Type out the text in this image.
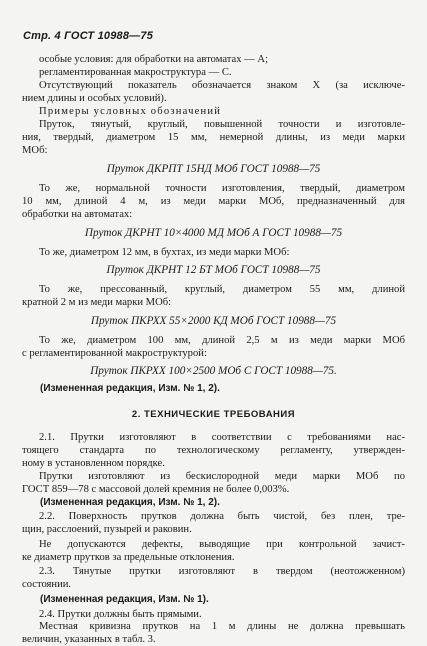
Стр. 4 ГОСТ 10988—75
особые условия: для обработки на автоматах — А;
регламентированная макроструктура — С.
Отсутствующий показатель обозначается знаком X (за исключе-
нием длины и особых условий).
Примеры условных обозначений
Пруток, тянутый, круглый, повышенной точности и изготовле-
ния, твердый, диаметром 15 мм, немерной длины, из меди марки
МОб:
Пруток ДКРПТ 15НД МОб ГОСТ 10988—75
То же, нормальной точности изготовления, твердый, диаметром
10 мм, длиной 4 м, из меди марки МОб, предназначенный для
обработки на автоматах:
Пруток ДКРНТ 10×4000 МД МОб А ГОСТ 10988—75
То же, диаметром 12 мм, в бухтах, из меди марки МОб:
Пруток ДКРНТ 12 БТ МОб ГОСТ 10988—75
То же, прессованный, круглый, диаметром 55 мм, длиной
кратной 2 м из меди марки МОб:
Пруток ПКРХХ 55×2000 КД МОб ГОСТ 10988—75
То же, диаметром 100 мм, длиной 2,5 м из меди марки МОб
с регламентированной макроструктурой:
Пруток ПКРХХ 100×2500 МОб С ГОСТ 10988—75.
(Измененная редакция, Изм. № 1, 2).
2. ТЕХНИЧЕСКИЕ ТРЕБОВАНИЯ
2.1. Прутки изготовляют в соответствии с требованиями нас-
тоящего стандарта по технологическому регламенту, утвержден-
ному в установленном порядке.
Прутки изготовляют из бескислородной меди марки МОб по
ГОСТ 859—78 с массовой долей кремния не более 0,003%.
(Измененная редакция, Изм. № 1, 2).
2.2. Поверхность прутков должна быть чистой, без плен, тре-
щин, расслоений, пузырей и раковин.
Не допускаются дефекты, выводящие при контрольной зачист-
ке диаметр прутков за предельные отклонения.
2.3. Тянутые прутки изготовляют в твердом (неотожженном)
состоянии.
(Измененная редакция, Изм. № 1).
2.4. Прутки должны быть прямыми.
Местная кривизна прутков на 1 м длины не должна превышать
величин, указанных в табл. 3.
